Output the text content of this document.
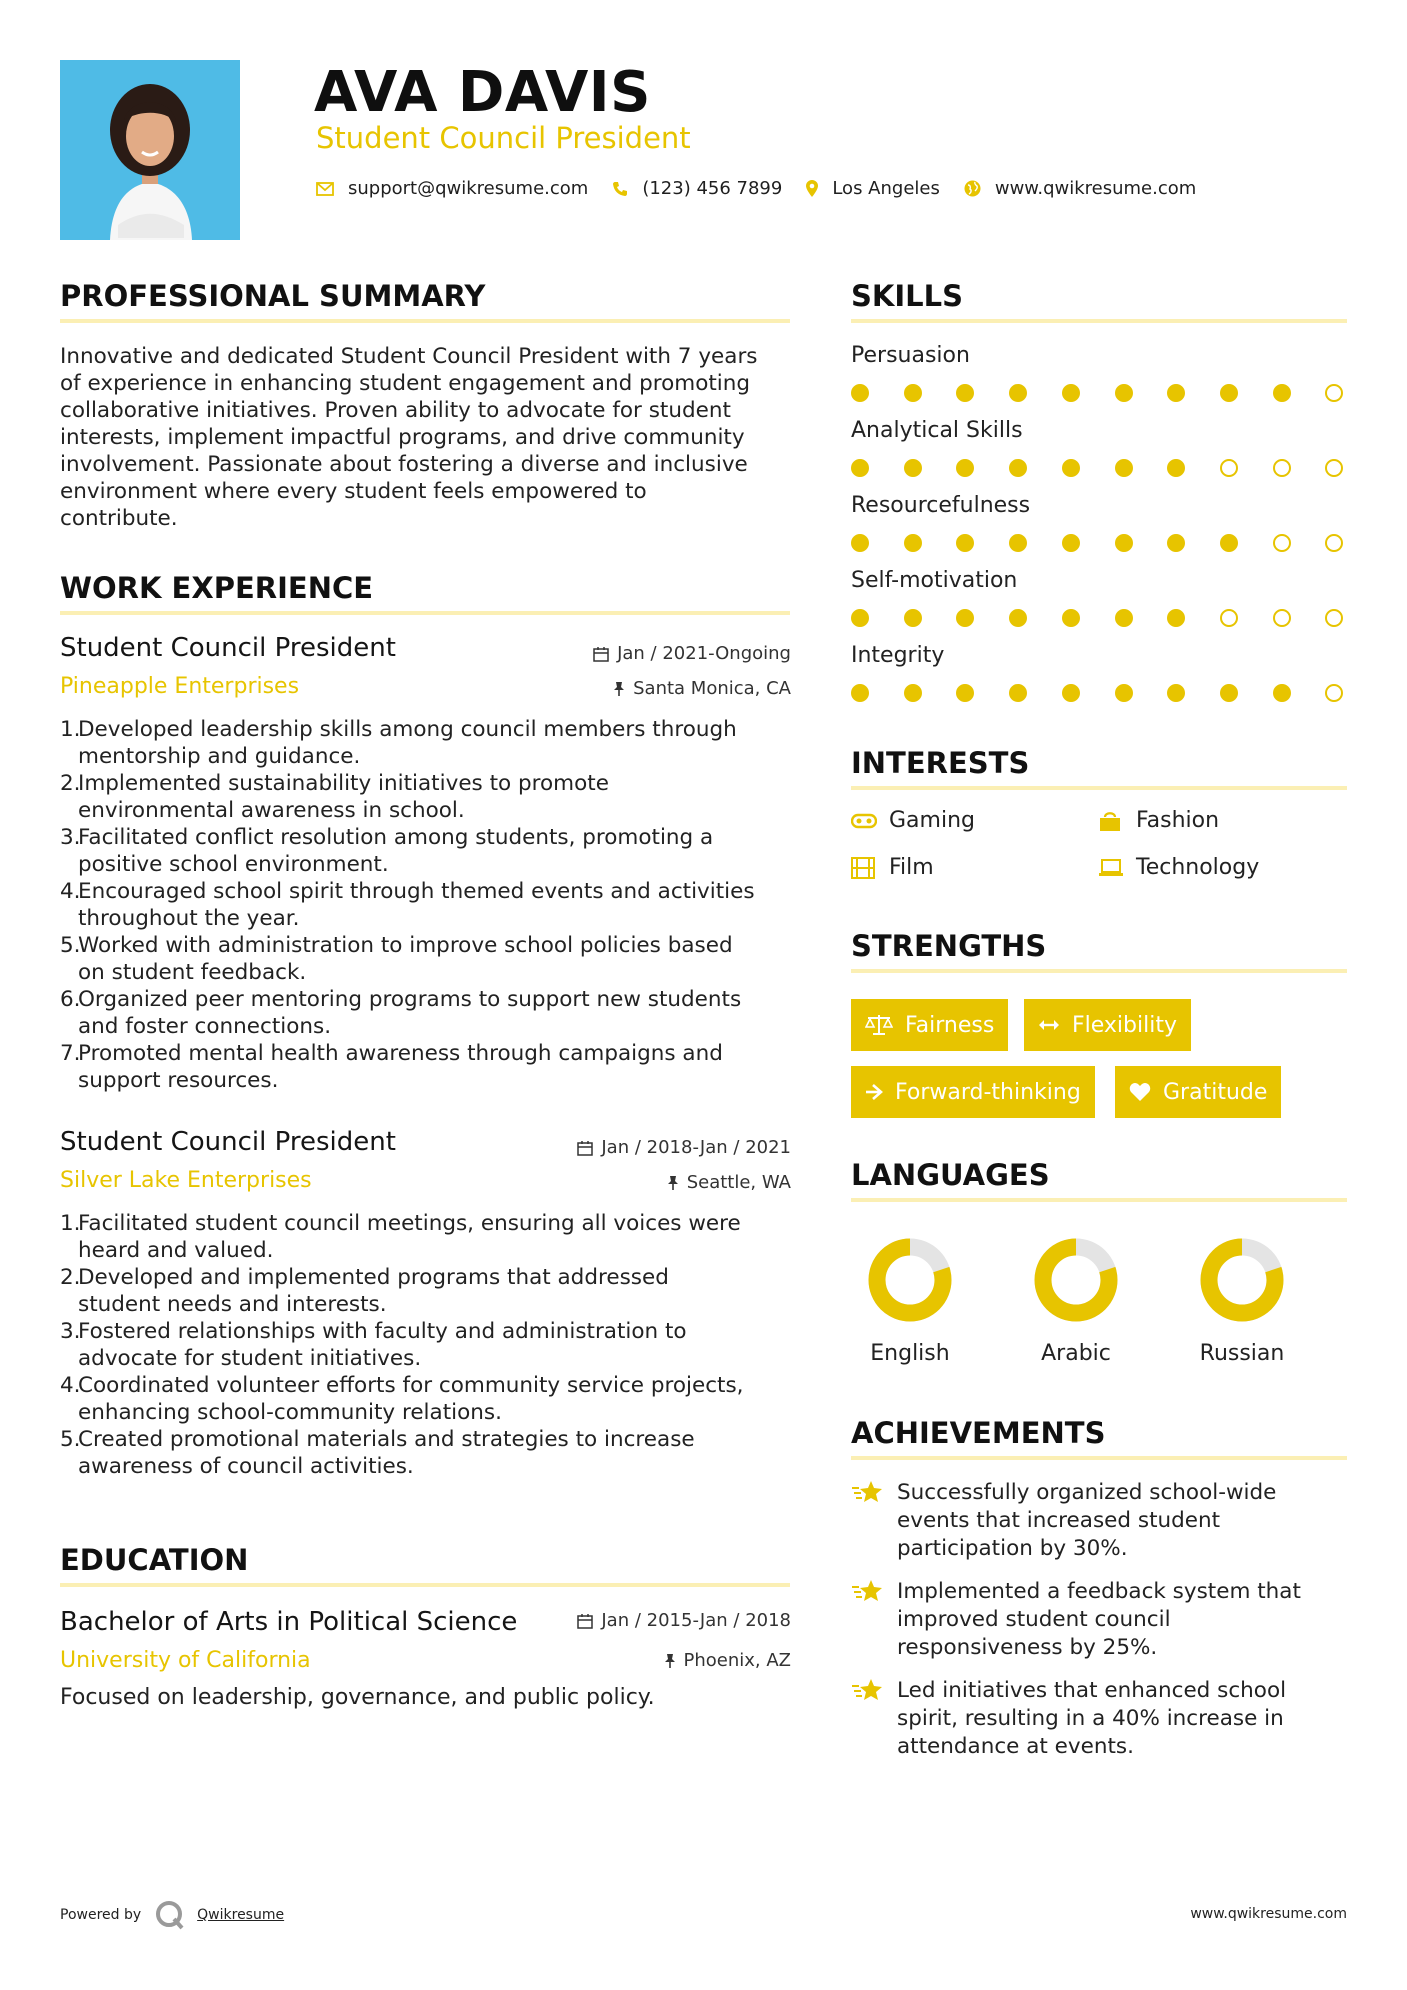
AVA DAVIS
Student Council President
support@qwikresume.com	(123) 456 7899	Los Angeles	www.qwikresume.com
PROFESSIONAL SUMMARY
Innovative and dedicated Student Council President with 7 years
of experience in enhancing student engagement and promoting
collaborative initiatives. Proven ability to advocate for student
interests, implement impactful programs, and drive community
involvement. Passionate about fostering a diverse and inclusive
environment where every student feels empowered to
contribute.
WORK EXPERIENCE
Student Council President	Jan / 2021-Ongoing
Pineapple Enterprises	Santa Monica, CA
1.
Developed leadership skills among council members through
mentorship and guidance.
2.
Implemented sustainability initiatives to promote
environmental awareness in school.
3.
Facilitated conflict resolution among students, promoting a
positive school environment.
4.
Encouraged school spirit through themed events and activities
throughout the year.
5.
Worked with administration to improve school policies based
on student feedback.
6.
Organized peer mentoring programs to support new students
and foster connections.
7.
Promoted mental health awareness through campaigns and
support resources.
Student Council President	Jan / 2018-Jan / 2021
Silver Lake Enterprises	Seattle, WA
1.
Facilitated student council meetings, ensuring all voices were
heard and valued.
2.
Developed and implemented programs that addressed
student needs and interests.
3.
Fostered relationships with faculty and administration to
advocate for student initiatives.
4.
Coordinated volunteer efforts for community service projects,
enhancing school-community relations.
5.
Created promotional materials and strategies to increase
awareness of council activities.
EDUCATION
Bachelor of Arts in Political Science	Jan / 2015-Jan / 2018
University of California	Phoenix, AZ
Focused on leadership, governance, and public policy.
SKILLS
Persuasion
Analytical Skills
Resourcefulness
Self-motivation
Integrity
INTERESTS
Gaming	Fashion
Film	Technology
STRENGTHS
Fairness	Flexibility
Forward-thinking	Gratitude
LANGUAGES
English	Arabic	Russian
ACHIEVEMENTS
Successfully organized school-wide
events that increased student
participation by 30%.
Implemented a feedback system that
improved student council
responsiveness by 25%.
Led initiatives that enhanced school
spirit, resulting in a 40% increase in
attendance at events.
Powered by	Qwikresume	www.qwikresume.com
